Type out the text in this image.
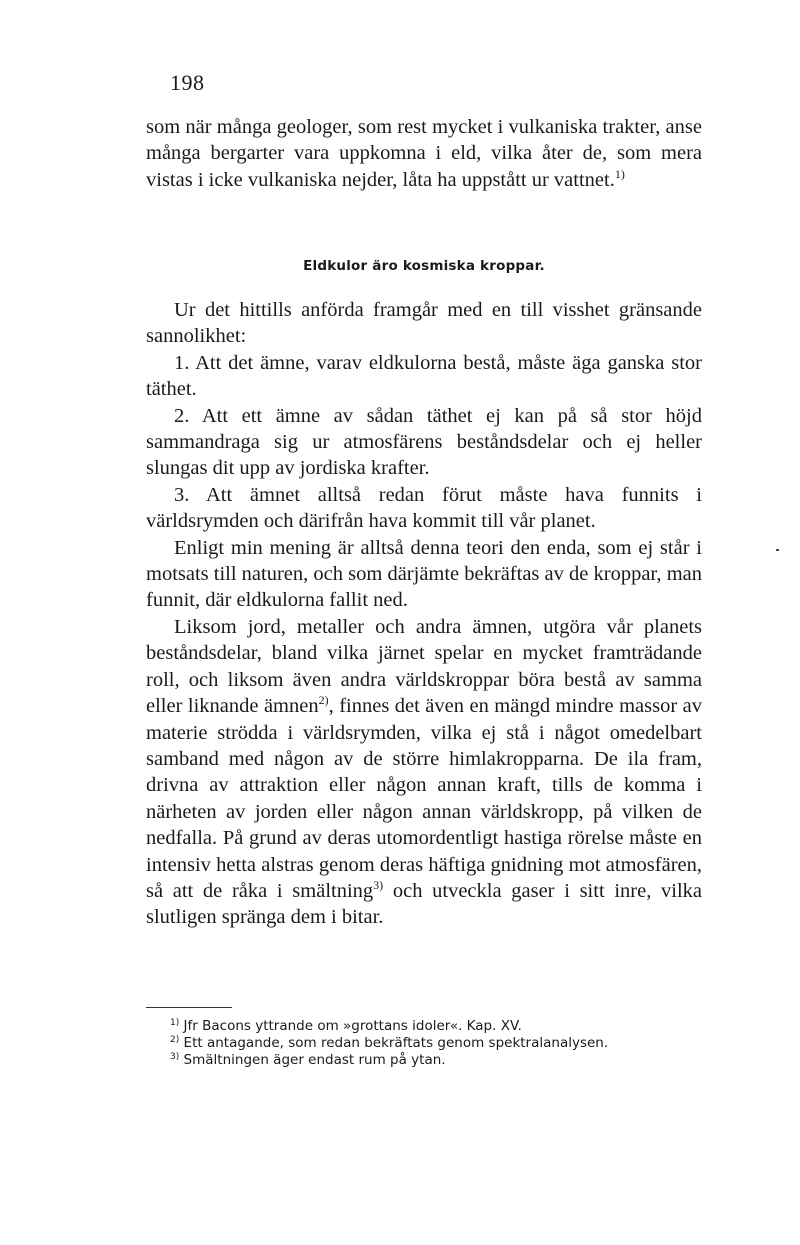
198

som när många geologer, som rest mycket i vulkaniska trakter, anse många bergarter vara uppkomna i eld, vilka åter de, som mera vistas i icke vulkaniska nejder, låta ha uppstått ur vattnet.$^{1)}$

Eldkulor äro kosmiska kroppar.

Ur det hittills anförda framgår med en till visshet gränsande sannolikhet:

1. Att det ämne, varav eldkulorna bestå, måste äga ganska stor täthet.

2. Att ett ämne av sådan täthet ej kan på så stor höjd sammandraga sig ur atmosfärens beståndsdelar och ej heller slungas dit upp av jordiska krafter.

3. Att ämnet alltså redan förut måste hava funnits i världsrymden och därifrån hava kommit till vår planet.

Enligt min mening är alltså denna teori den enda, som ej står i motsats till naturen, och som därjämte bekräftas av de kroppar, man funnit, där eldkulorna fallit ned.

Liksom jord, metaller och andra ämnen, utgöra vår planets beståndsdelar, bland vilka järnet spelar en mycket framträdande roll, och liksom även andra världskroppar böra bestå av samma eller liknande ämnen$^{2)}$, finnes det även en mängd mindre massor av materie strödda i världsrymden, vilka ej stå i något omedelbart samband med någon av de större himlakropparna. De ila fram, drivna av attraktion eller någon annan kraft, tills de komma i närheten av jorden eller någon annan världskropp, på vilken de nedfalla. På grund av deras utomordentligt hastiga rörelse måste en intensiv hetta alstras genom deras häftiga gnidning mot atmosfären, så att de råka i smältning$^{3)}$ och utveckla gaser i sitt inre, vilka slutligen spränga dem i bitar.

$^{1)}$ Jfr Bacons yttrande om »grottans idoler«. Kap. XV.
$^{2)}$ Ett antagande, som redan bekräftats genom spektralanalysen.
$^{3)}$ Smältningen äger endast rum på ytan.
